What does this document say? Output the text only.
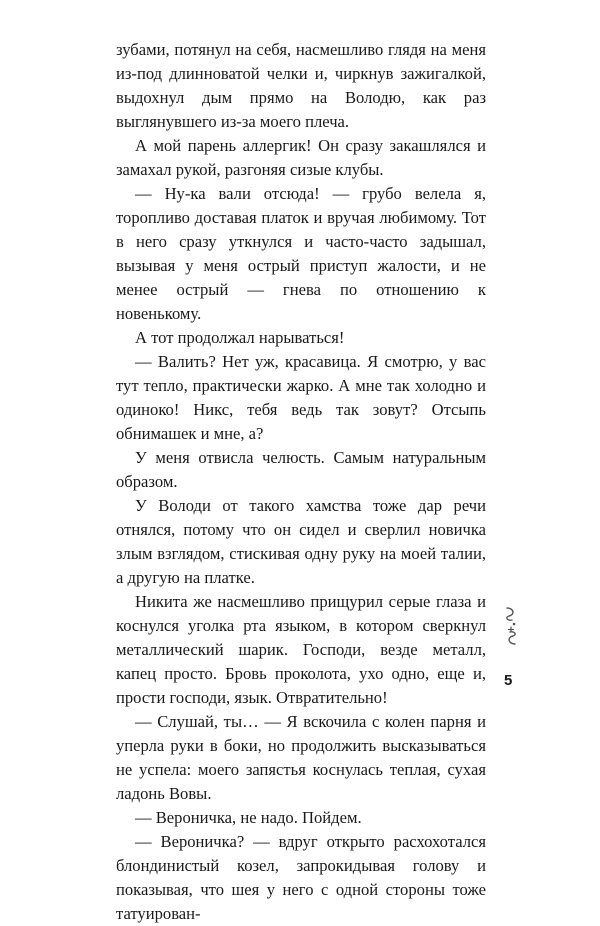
зубами, потянул на себя, насмешливо глядя на меня из-под длинноватой челки и, чиркнув зажигалкой, выдохнул дым прямо на Володю, как раз выглянувшего из-за моего плеча.

А мой парень аллергик! Он сразу закашлялся и замахал рукой, разгоняя сизые клубы.

— Ну-ка вали отсюда! — грубо велела я, торопливо доставая платок и вручая любимому. Тот в него сразу уткнулся и часто-часто задышал, вызывая у меня острый приступ жалости, и не менее острый — гнева по отношению к новенькому.

А тот продолжал нарываться!

— Валить? Нет уж, красавица. Я смотрю, у вас тут тепло, практически жарко. А мне так холодно и одиноко! Никс, тебя ведь так зовут? Отсыпь обнимашек и мне, а?

У меня отвисла челюсть. Самым натуральным образом.

У Володи от такого хамства тоже дар речи отнялся, потому что он сидел и сверлил новичка злым взглядом, стискивая одну руку на моей талии, а другую на платке.

Никита же насмешливо прищурил серые глаза и коснулся уголка рта языком, в котором сверкнул металлический шарик. Господи, везде металл, капец просто. Бровь проколота, ухо одно, еще и, прости господи, язык. Отвратительно!

— Слушай, ты… — Я вскочила с колен парня и уперла руки в боки, но продолжить высказываться не успела: моего запястья коснулась теплая, сухая ладонь Вовы.

— Вероничка, не надо. Пойдем.

— Вероничка? — вдруг открыто расхохотался блондинистый козел, запрокидывая голову и показывая, что шея у него с одной стороны тоже татуирован-

5
